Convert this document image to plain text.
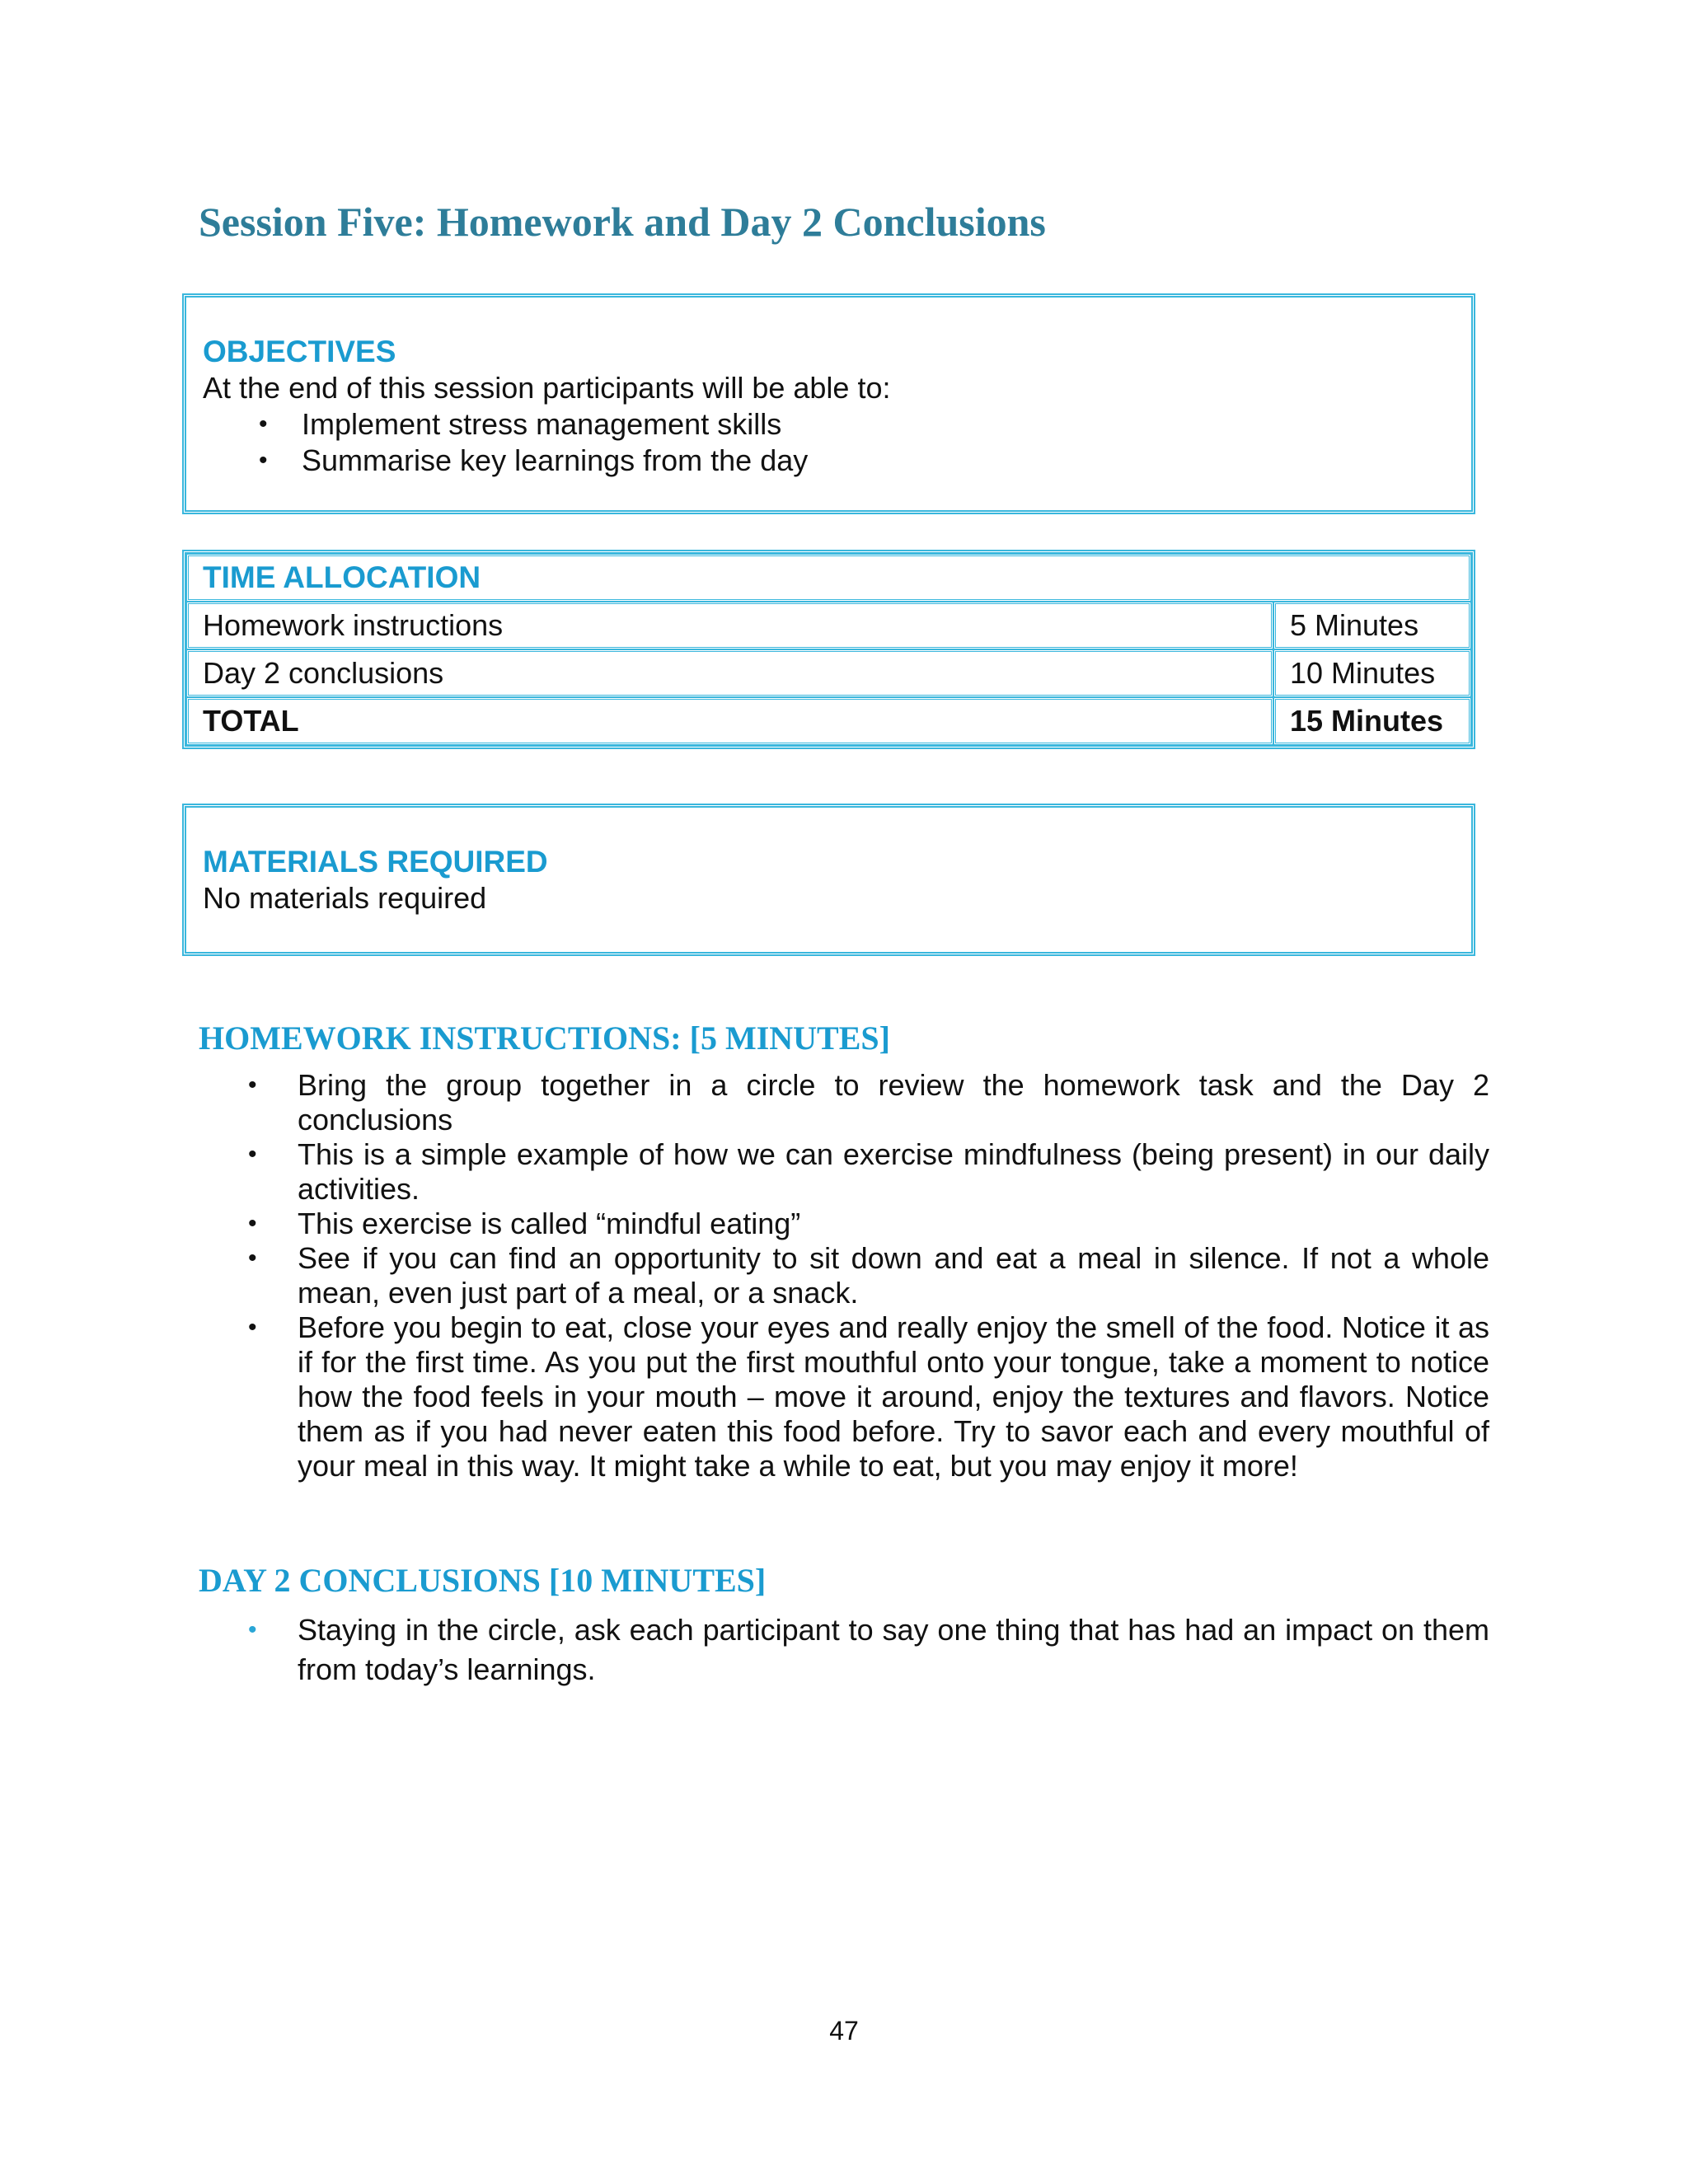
Session Five: Homework and Day 2 Conclusions
OBJECTIVES
At the end of this session participants will be able to:
• Implement stress management skills
• Summarise key learnings from the day
TIME ALLOCATION	
Homework instructions	5 Minutes
Day 2 conclusions	10 Minutes
TOTAL	15 Minutes
MATERIALS REQUIRED
No materials required
HOMEWORK INSTRUCTIONS: [5 MINUTES]
• Bring the group together in a circle to review the homework task and the Day 2 conclusions
• This is a simple example of how we can exercise mindfulness (being present) in our daily activities.
• This exercise is called “mindful eating”
• See if you can find an opportunity to sit down and eat a meal in silence. If not a whole mean, even just part of a meal, or a snack.
• Before you begin to eat, close your eyes and really enjoy the smell of the food. Notice it as if for the first time. As you put the first mouthful onto your tongue, take a moment to notice how the food feels in your mouth – move it around, enjoy the textures and flavors. Notice them as if you had never eaten this food before. Try to savor each and every mouthful of your meal in this way. It might take a while to eat, but you may enjoy it more!
DAY 2 CONCLUSIONS [10 MINUTES]
• Staying in the circle, ask each participant to say one thing that has had an impact on them from today’s learnings.
47
